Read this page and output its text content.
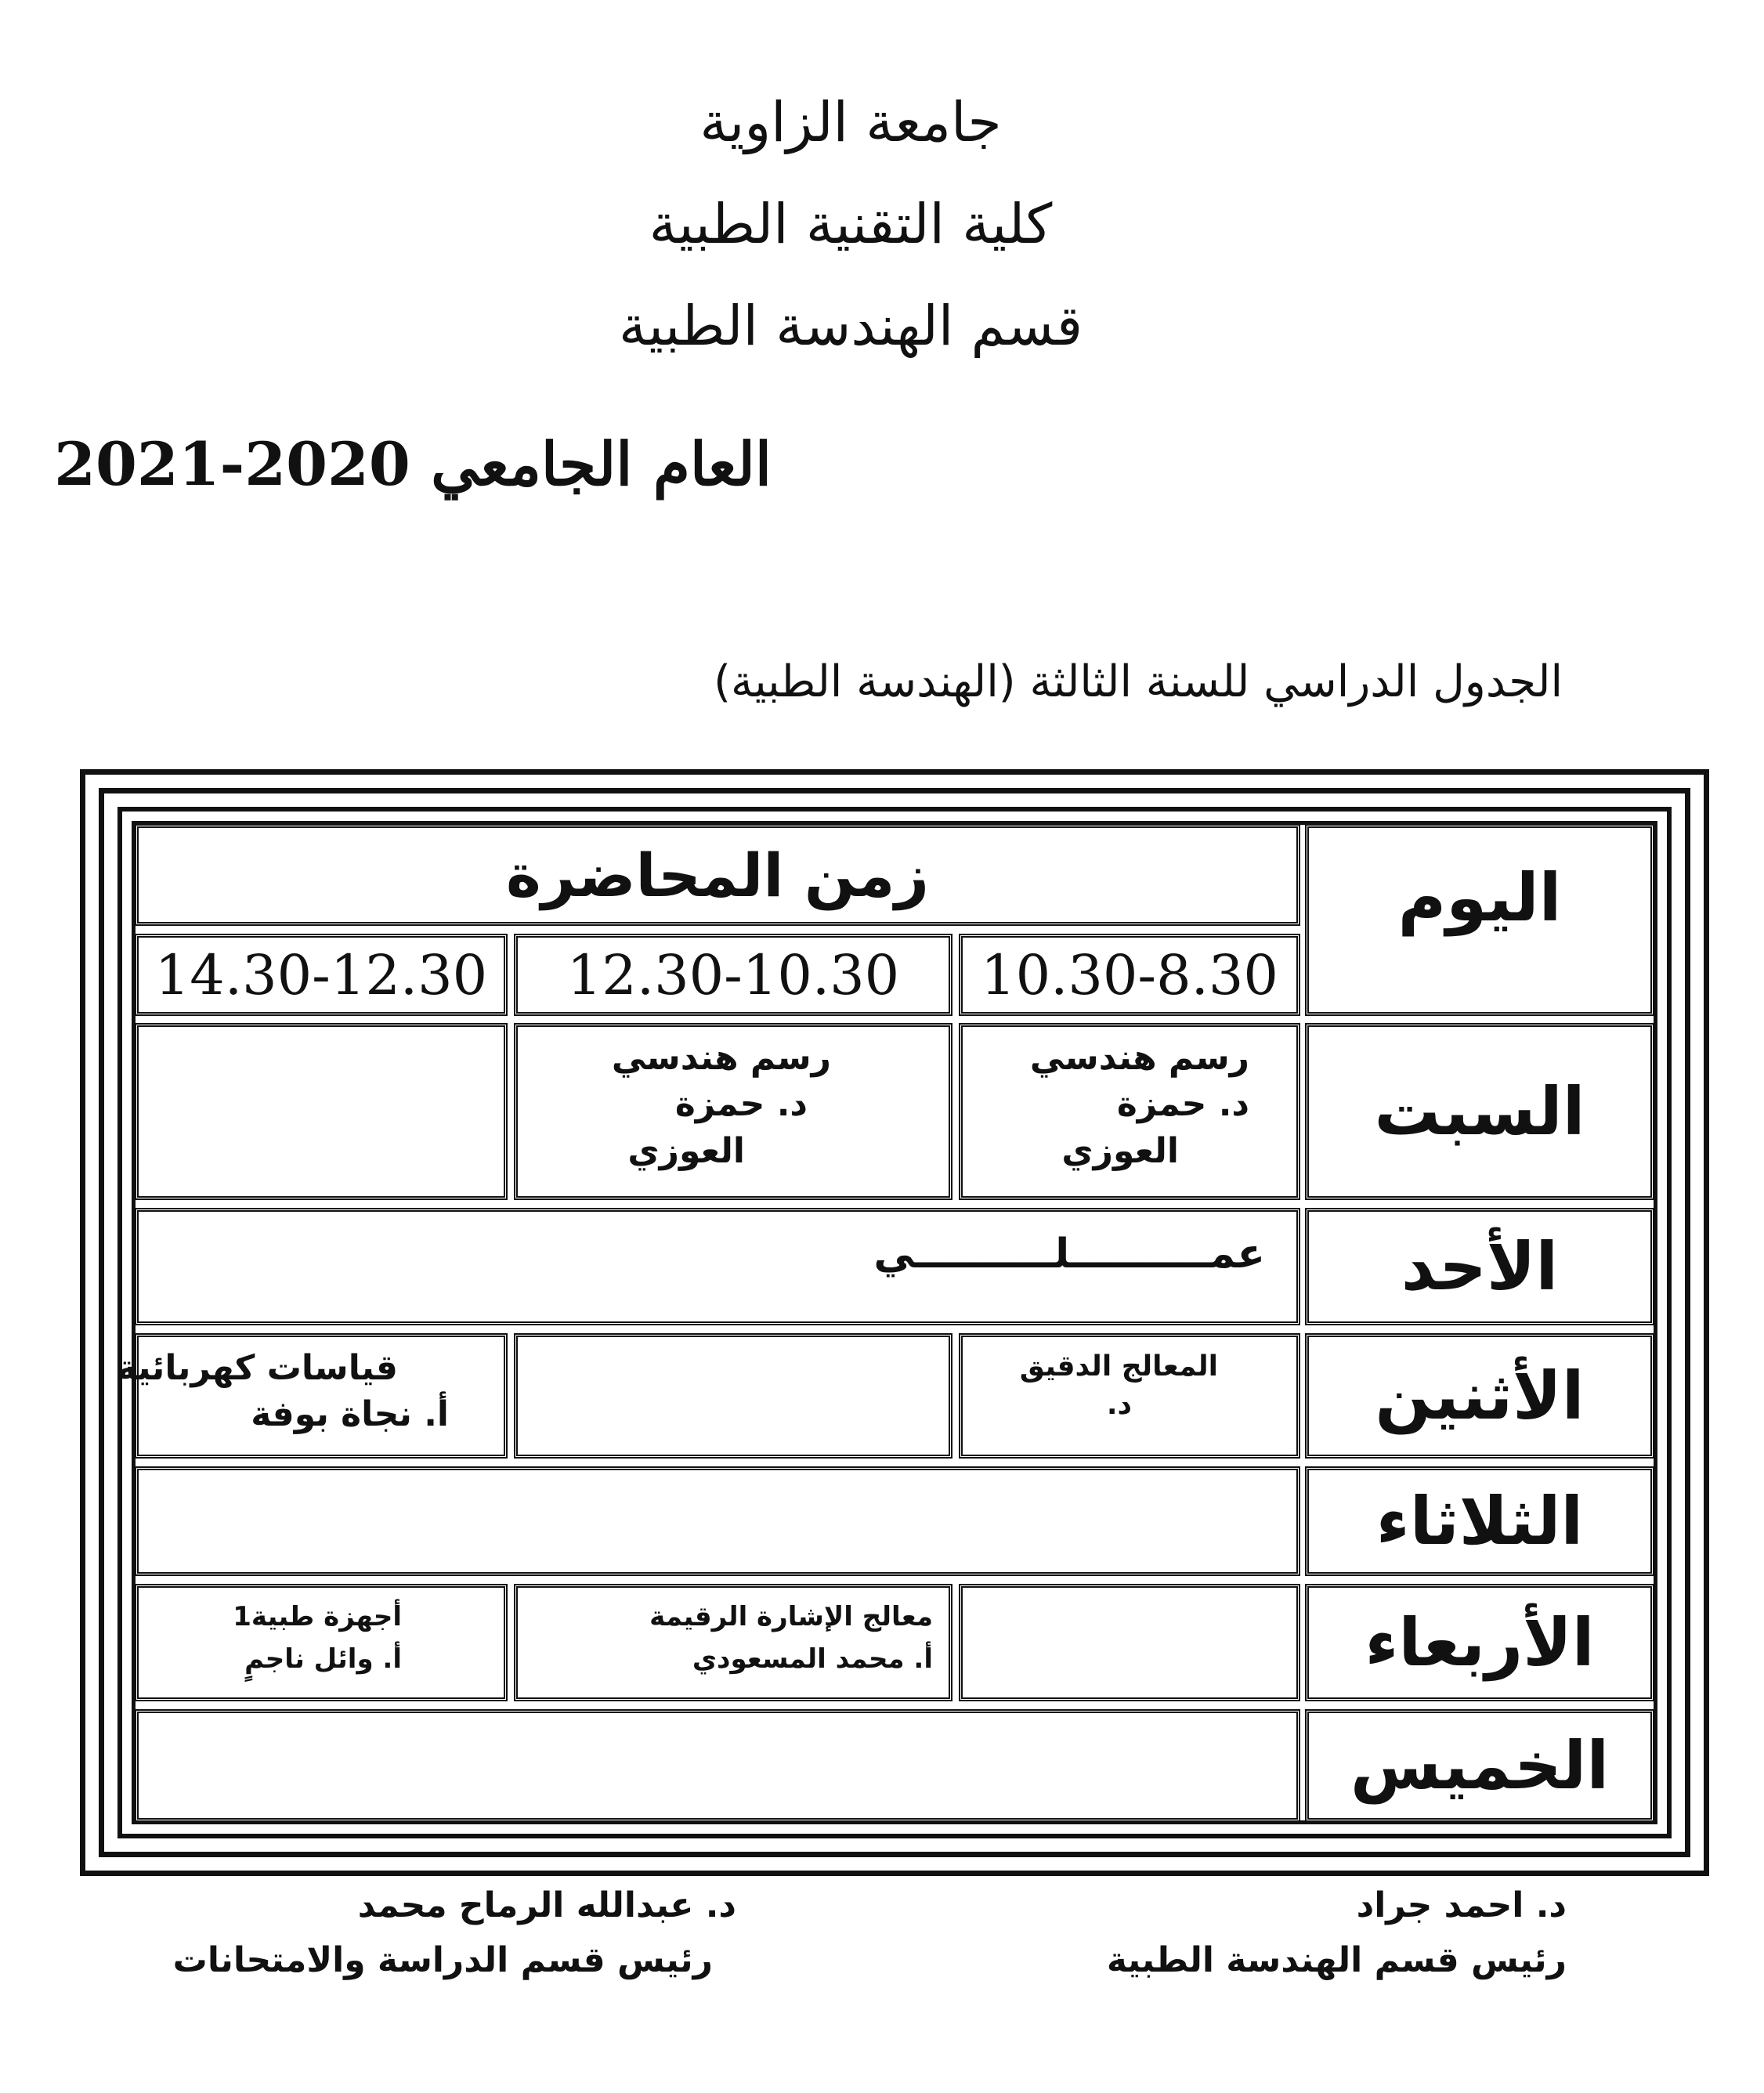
جامعة الزاوية
كلية التقنية الطبية
قسم الهندسة الطبية
العام الجامعي 2020-2021
الجدول الدراسي للسنة الثالثة (الهندسة الطبية)
اليوم
زمن المحاضرة
10.30-8.30
12.30-10.30
14.30-12.30
السبت
رسم هندسي
د. حمزة
العوزي
رسم هندسي
د. حمزة
العوزي
الأحد
عمــــــــــلــــــــــي
الأثنين
المعالج الدقيق
د.
قياسات كهربائية
أ. نجاة بوفة
الثلاثاء
الأربعاء
معالج الإشارة الرقيمة
أ. محمد المسعودي
أجهزة طبية1
أ. وائل ناجمٍ
الخميس
د. احمد جراد
رئيس قسم الهندسة الطبية
د. عبدالله الرماح محمد
رئيس قسم الدراسة والامتحانات
